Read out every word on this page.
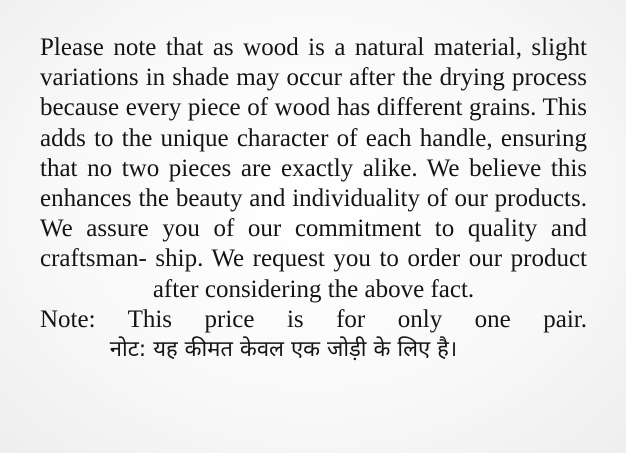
Please note that as wood is a natural material, slight variations in shade may occur after the drying process because every piece of wood has different grains. This adds to the unique character of each handle, ensuring that no two pieces are exactly alike. We believe this enhances the beauty and individuality of our products. We assure you of our commitment to quality and craftsman- ship. We request you to order our product after considering the above fact.

Note: This price is for only one pair.

नोट: यह कीमत केवल एक जोड़ी के लिए है।
